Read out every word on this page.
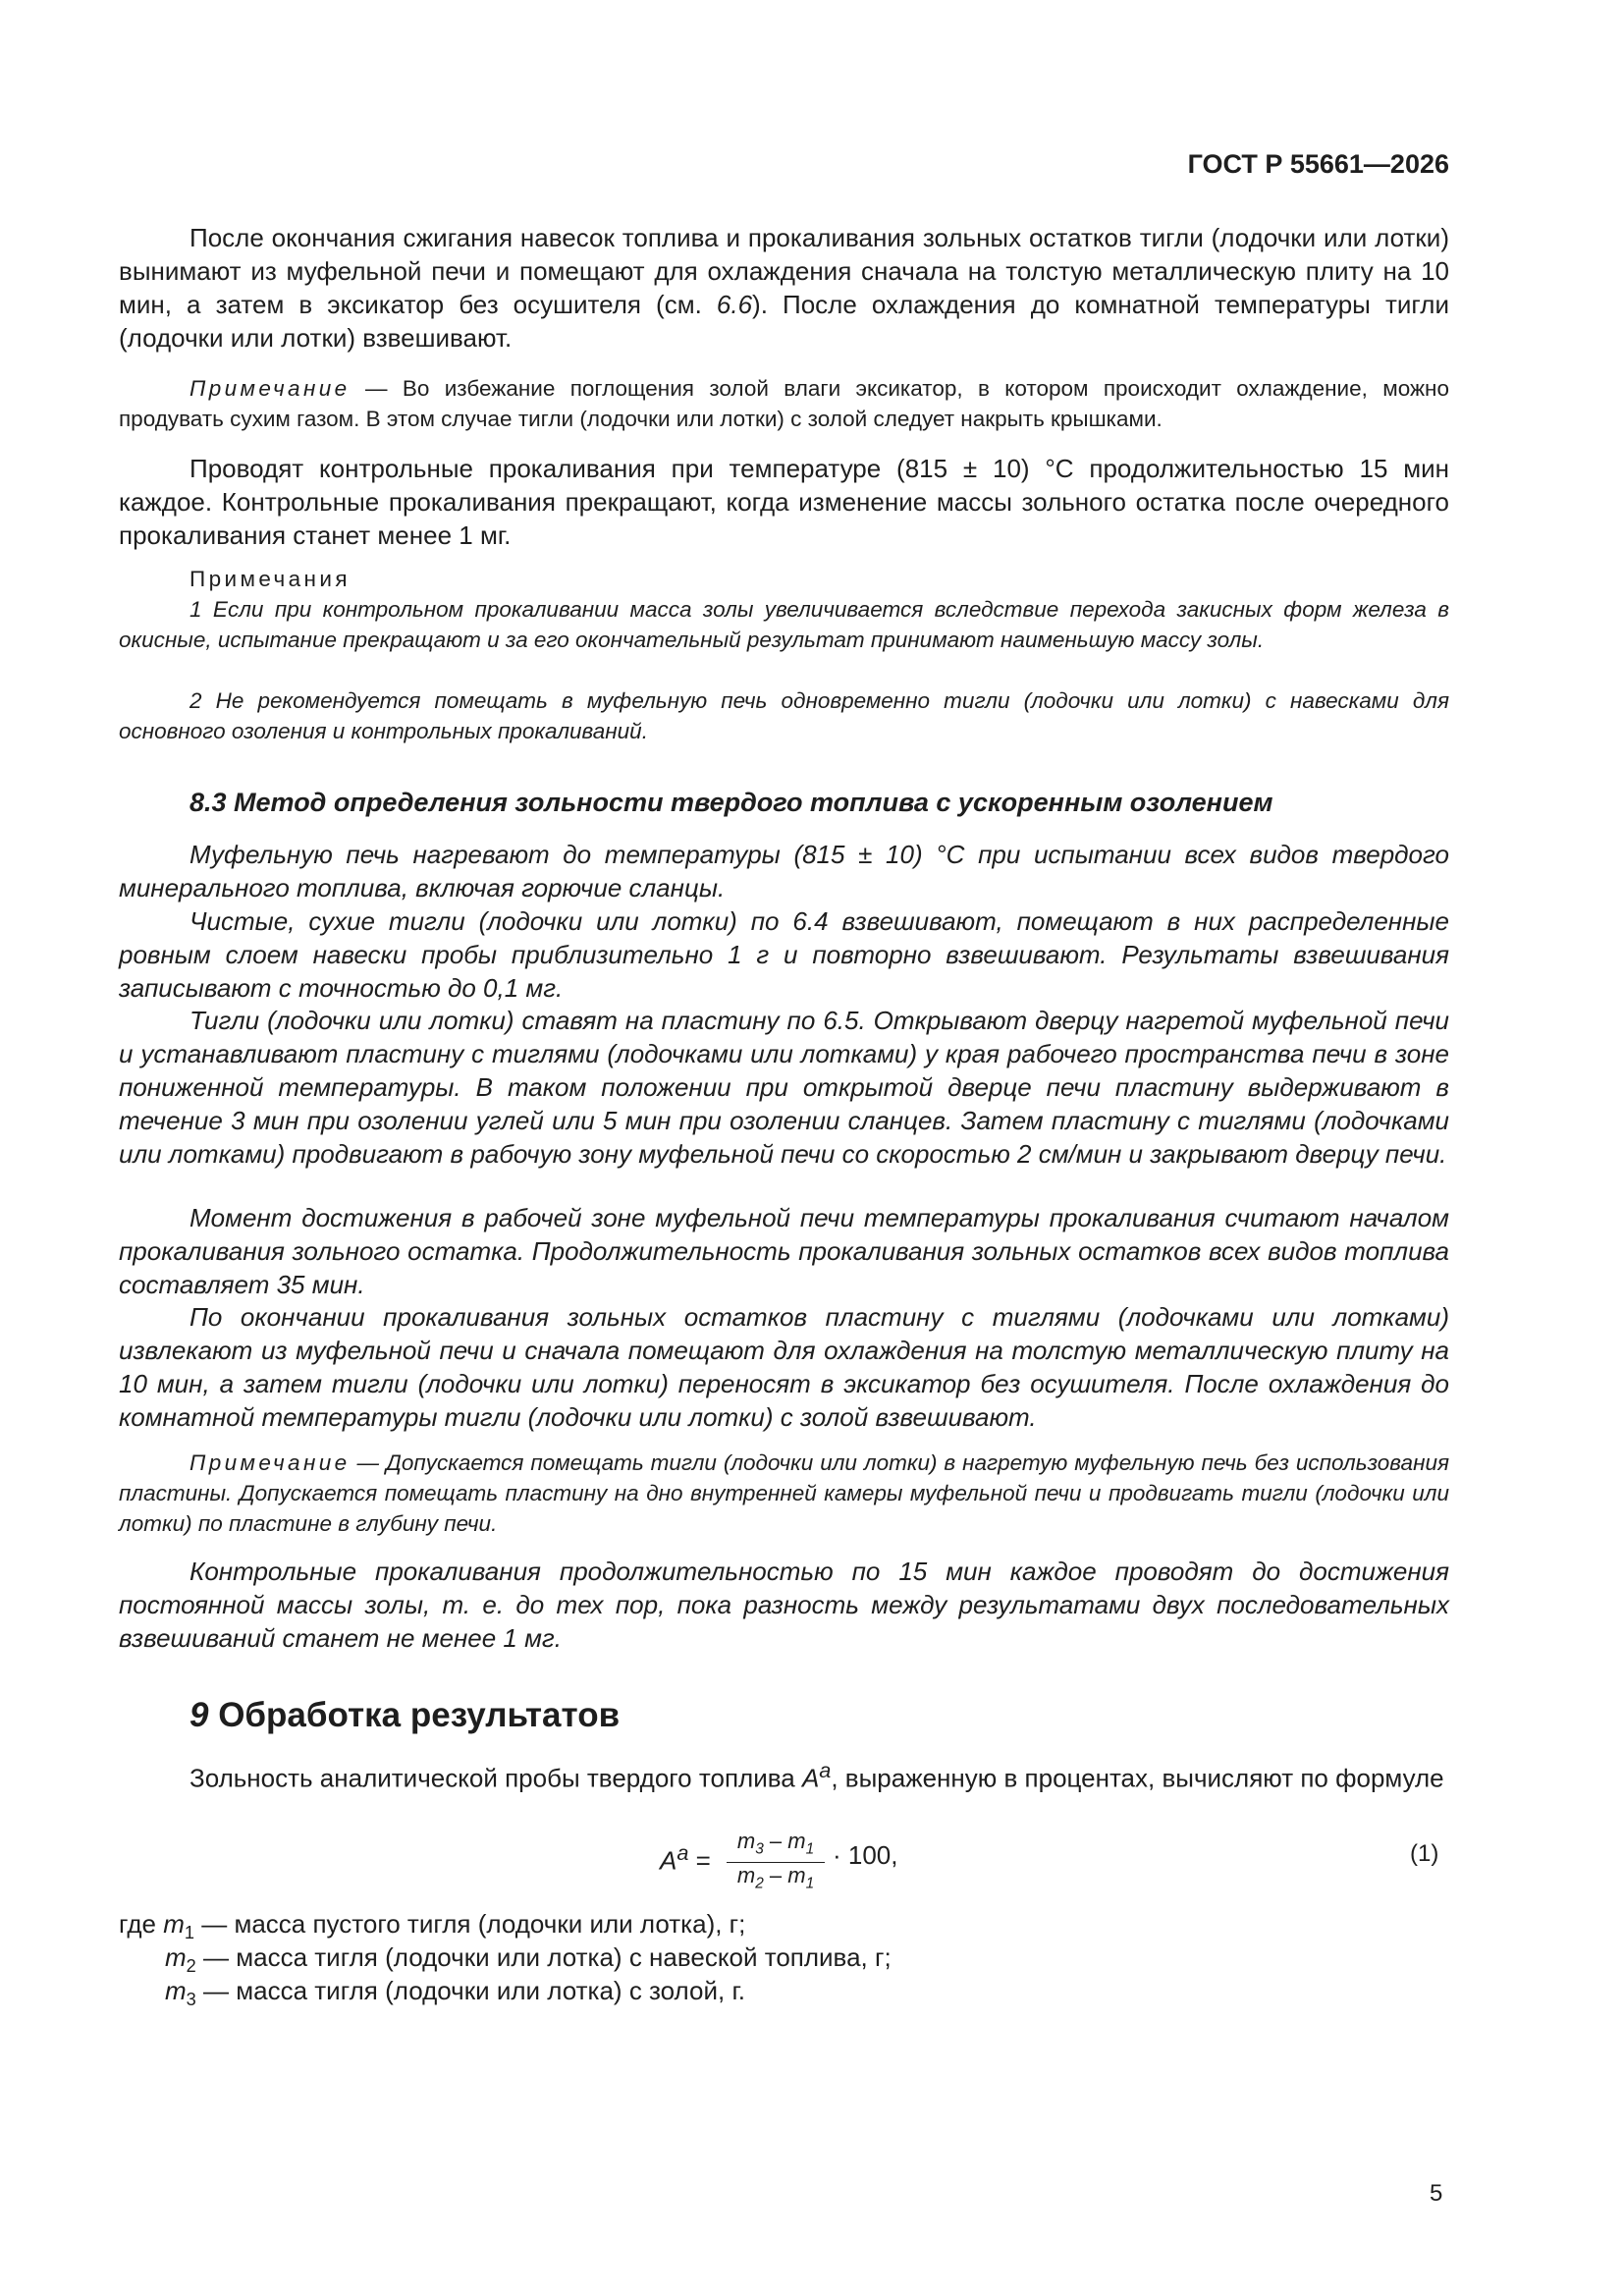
ГОСТ Р 55661—2026

После окончания сжигания навесок топлива и прокаливания зольных остатков тигли (лодочки или лотки) вынимают из муфельной печи и помещают для охлаждения сначала на толстую металлическую плиту на 10 мин, а затем в эксикатор без осушителя (см. 6.6). После охлаждения до комнатной температуры тигли (лодочки или лотки) взвешивают.

Примечание — Во избежание поглощения золой влаги эксикатор, в котором происходит охлаждение, можно продувать сухим газом. В этом случае тигли (лодочки или лотки) с золой следует накрыть крышками.

Проводят контрольные прокаливания при температуре (815 ± 10) °С продолжительностью 15 мин каждое. Контрольные прокаливания прекращают, когда изменение массы зольного остатка после очередного прокаливания станет менее 1 мг.

Примечания

1 Если при контрольном прокаливании масса золы увеличивается вследствие перехода закисных форм железа в окисные, испытание прекращают и за его окончательный результат принимают наименьшую массу золы.

2 Не рекомендуется помещать в муфельную печь одновременно тигли (лодочки или лотки) с навесками для основного озоления и контрольных прокаливаний.

8.3 Метод определения зольности твердого топлива с ускоренным озолением

Муфельную печь нагревают до температуры (815 ± 10) °С при испытании всех видов твердого минерального топлива, включая горючие сланцы.

Чистые, сухие тигли (лодочки или лотки) по 6.4 взвешивают, помещают в них распределенные ровным слоем навески пробы приблизительно 1 г и повторно взвешивают. Результаты взвешивания записывают с точностью до 0,1 мг.

Тигли (лодочки или лотки) ставят на пластину по 6.5. Открывают дверцу нагретой муфельной печи и устанавливают пластину с тиглями (лодочками или лотками) у края рабочего пространства печи в зоне пониженной температуры. В таком положении при открытой дверце печи пластину выдерживают в течение 3 мин при озолении углей или 5 мин при озолении сланцев. Затем пластину с тиглями (лодочками или лотками) продвигают в рабочую зону муфельной печи со скоростью 2 см/мин и закрывают дверцу печи.

Момент достижения в рабочей зоне муфельной печи температуры прокаливания считают началом прокаливания зольного остатка. Продолжительность прокаливания зольных остатков всех видов топлива составляет 35 мин.

По окончании прокаливания зольных остатков пластину с тиглями (лодочками или лотками) извлекают из муфельной печи и сначала помещают для охлаждения на толстую металлическую плиту на 10 мин, а затем тигли (лодочки или лотки) переносят в эксикатор без осушителя. После охлаждения до комнатной температуры тигли (лодочки или лотки) с золой взвешивают.

Примечание — Допускается помещать тигли (лодочки или лотки) в нагретую муфельную печь без использования пластины. Допускается помещать пластину на дно внутренней камеры муфельной печи и продвигать тигли (лодочки или лотки) по пластине в глубину печи.

Контрольные прокаливания продолжительностью по 15 мин каждое проводят до достижения постоянной массы золы, т. е. до тех пор, пока разность между результатами двух последовательных взвешиваний станет не менее 1 мг.

9 Обработка результатов

Зольность аналитической пробы твердого топлива $A^a$, выраженную в процентах, вычисляют по формуле

$A^a = \frac{m_3 - m_1}{m_2 - m_1} \cdot 100$,	(1)
где $m_1$ — масса пустого тигля (лодочки или лотка), г;
$m_2$ — масса тигля (лодочки или лотка) с навеской топлива, г;
$m_3$ — масса тигля (лодочки или лотка) с золой, г.
5
